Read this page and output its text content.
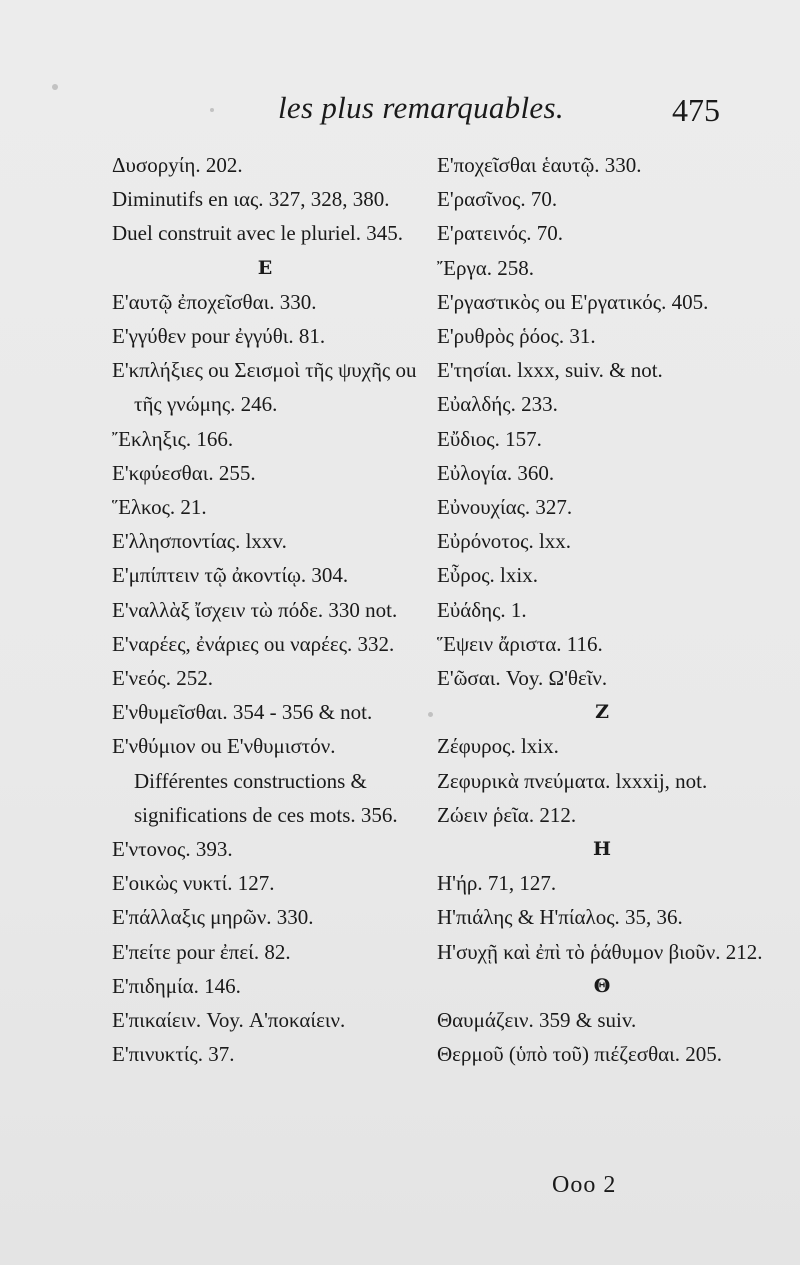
les plus remarquables.	475
Δυσορyίη. 202.
Diminutifs en ιας. 327, 328, 380.
Duel construit avec le pluriel. 345.
E
Ε'αυτῷ ἐποχεῖσθαι. 330.
Ε'γγύθεν pour ἐγγύθι. 81.
Ε'κπλήξιες ou Σεισμοὶ τῆς ψυχῆς ou τῆς γνώμης. 246.
Ἔκληξις. 166.
Ε'κφύεσθαι. 255.
Ἕλκος. 21.
Ε'λλησποντίας. lxxv.
Ε'μπίπτειν τῷ ἀκοντίῳ. 304.
Ε'ναλλὰξ ἴσχειν τὼ πόδε. 330 not.
Ε'ναρέες, ἐνάριες ou ναρέες. 332.
Ε'νεός. 252.
Ε'νθυμεῖσθαι. 354 - 356 & not.
Ε'νθύμιον ou Ε'νθυμιστόν. Différentes constructions & significations de ces mots. 356.
Ε'ντονος. 393.
Ε'οικὼς νυκτί. 127.
Ε'πάλλαξις μηρῶν. 330.
Ε'πείτε pour ἐπεί. 82.
Ε'πιδημία. 146.
Ε'πικαίειν. Voy. Α'ποκαίειν.
Ε'πινυκτίς. 37.
Ε'ποχεῖσθαι ἑαυτῷ. 330.
Ε'ρασῖνος. 70.
Ε'ρατεινός. 70.
Ἔργα. 258.
Ε'ργαστικὸς ou Ε'ργατικός. 405.
Ε'ρυθρὸς ῥόος. 31.
Ε'τησίαι. lxxx, suiv. & not.
Εὐαλδής. 233.
Εὔδιος. 157.
Εὐλογία. 360.
Εὐνουχίας. 327.
Εὐρόνοτος. lxx.
Εὖρος. lxix.
Εὐάδης. 1.
Ἕψειν ἄριστα. 116.
Ε'ῶσαι. Voy. Ω'θεῖν.
Z
Ζέφυρος. lxix.
Ζεφυρικὰ πνεύματα. lxxxij, not.
Ζώειν ῥεῖα. 212.
H
Η'ήρ. 71, 127.
Η'πιάλης & Η'πίαλος. 35, 36.
Η'συχῇ καὶ ἐπὶ τὸ ῥάθυμον βιοῦν. 212.
Θ
Θαυμάζειν. 359 & suiv.
Θερμοῦ (ὑπὸ τοῦ) πιέζεσθαι. 205.
Ooo 2
